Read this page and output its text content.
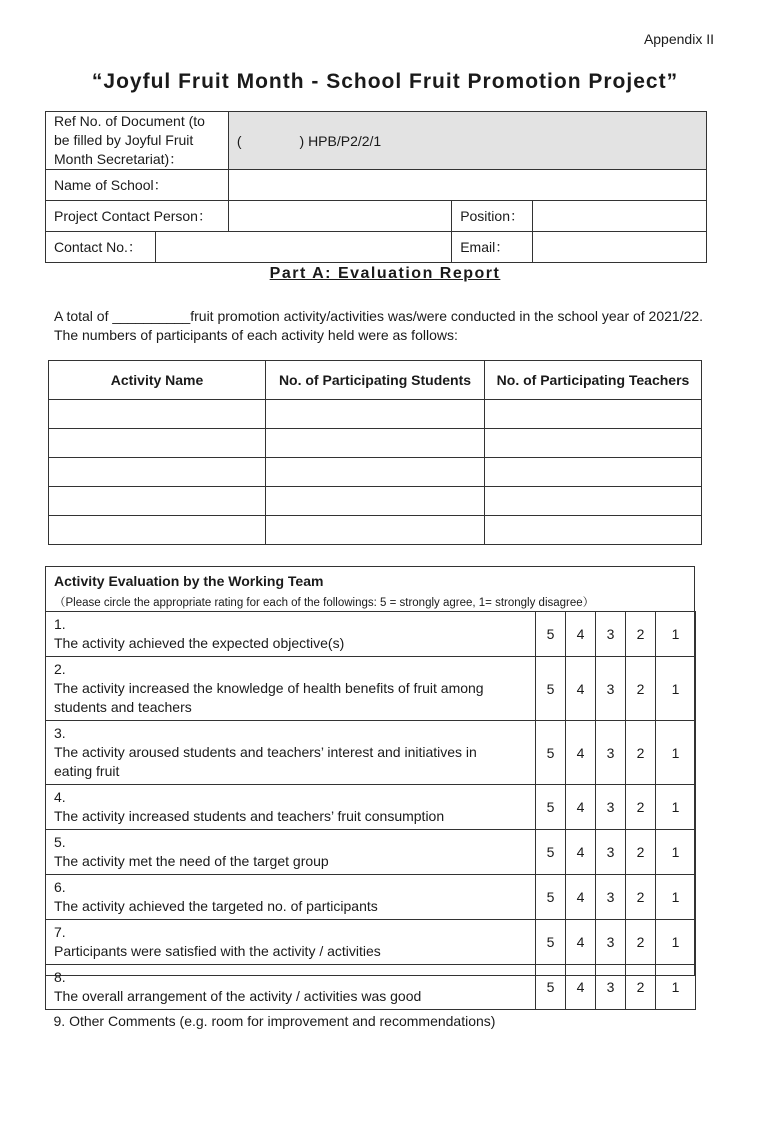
Appendix II
“Joyful Fruit Month - School Fruit Promotion Project”
Ref No. of Document (to be filled by Joyful Fruit Month Secretariat)：		( ) HPB/P2/2/1		

Name of School：				
Project Contact Person：			Position：	
Contact No.：			Email：	
Part A: Evaluation Report
A total of __________fruit promotion activity/activities was/were conducted in the school year of 2021/22. The numbers of participants of each activity held were as follows:
Activity Name	No. of Participating Students	No. of Participating Teachers

Activity Evaluation by the Working Team
（Please circle the appropriate rating for each of the followings: 5 = strongly agree, 1= strongly disagree）
1.The activity achieved the expected objective(s)	5	4	3	2	1
2.The activity increased the knowledge of health benefits of fruit among students and teachers	5	4	3	2	1
3.The activity aroused students and teachers’ interest and initiatives in eating fruit	5	4	3	2	1
4.The activity increased students and teachers’ fruit consumption	5	4	3	2	1
5.The activity met the need of the target group	5	4	3	2	1
6.The activity achieved the targeted no. of participants	5	4	3	2	1
7.Participants were satisfied with the activity / activities	5	4	3	2	1
8.The overall arrangement of the activity / activities was good	5	4	3	2	1
9. Other Comments (e.g. room for improvement and recommendations)					
